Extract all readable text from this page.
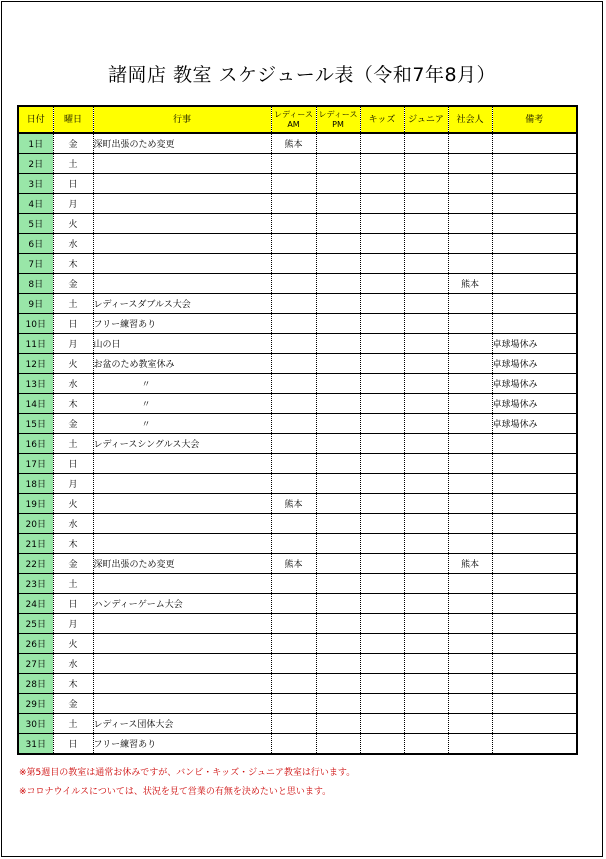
諸岡店 教室 スケジュール表（令和7年8月）
日付	曜日	行事	レディースAM	レディースPM	キッズ	ジュニア	社会人	備考
1日	金	深町出張のため変更	熊本					
2日	土							
3日	日							
4日	月							
5日	火							
6日	水							
7日	木							
8日	金						熊本	
9日	土	レディースダブルス大会						
10日	日	フリー練習あり						
11日	月	山の日						卓球場休み
12日	火	お盆のため教室休み						卓球場休み
13日	水	〃						卓球場休み
14日	木	〃						卓球場休み
15日	金	〃						卓球場休み
16日	土	レディースシングルス大会						
17日	日							
18日	月							
19日	火		熊本					
20日	水							
21日	木							
22日	金	深町出張のため変更	熊本				熊本	
23日	土							
24日	日	ハンディーゲーム大会						
25日	月							
26日	火							
27日	水							
28日	木							
29日	金							
30日	土	レディース団体大会						
31日	日	フリー練習あり						
※第5週目の教室は通常お休みですが、バンビ・キッズ・ジュニア教室は行います。
※コロナウイルスについては、状況を見て営業の有無を決めたいと思います。
